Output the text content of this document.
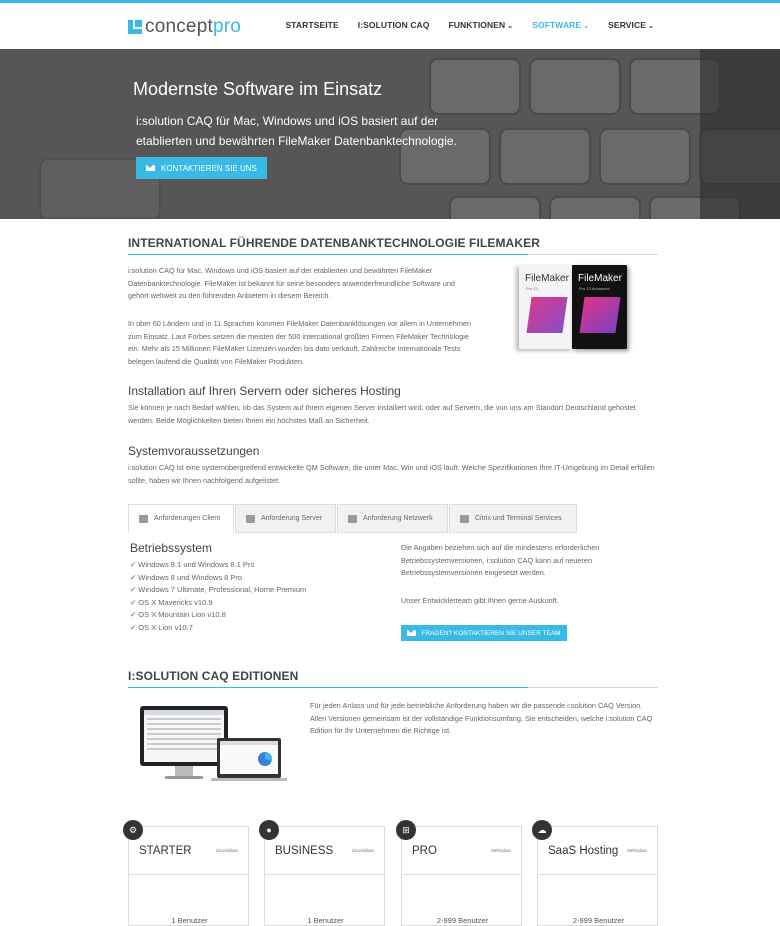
conceptpro	STARTSEITE I:SOLUTION CAQ FUNKTIONEN ⌄ SOFTWARE ⌄ SERVICE ⌄
Modernste Software im Einsatz

i:solution CAQ für Mac, Windows und iOS basiert auf der etablierten und bewährten FileMaker Datenbanktechnologie.

KONTAKTIEREN SIE UNS
INTERNATIONAL FÜHRENDE DATENBANKTECHNOLOGIE FILEMAKER
i:solution CAQ für Mac, Windows und iOS basiert auf der etablierten und bewährten FileMaker Datenbanktechnologie. FileMaker ist bekannt für seine besonders anwenderfreundliche Software und gehört weltweit zu den führenden Anbietern in diesem Bereich.
In über 60 Ländern und in 11 Sprachen kommen FileMaker Datenbanklösungen vor allem in Unternehmen zum Einsatz. Laut Forbes setzen die meisten der 500 international größten Firmen FileMaker Technologie ein. Mehr als 15 Millionen FileMaker Lizenzen wurden bis dato verkauft. Zahlreiche internationale Tests belegen laufend die Qualität von FileMaker Produkten.
FileMaker
Pro 13
FileMaker
Pro 13 Advanced
Installation auf Ihren Servern oder sicheres Hosting
Sie können je nach Bedarf wählen, ob das System auf Ihrem eigenen Server installiert wird, oder auf Servern, die von uns am Standort Deutschland gehostet werden. Beide Möglichkeiten bieten Ihnen ein höchstes Maß an Sicherheit.
Systemvoraussetzungen
i:solution CAQ ist eine systemübergreifend entwickelte QM Software, die unter Mac, Win und iOS läuft. Welche Spezifikationen Ihre IT-Umgebung im Detail erfüllen sollte, haben wir Ihnen nachfolgend aufgelistet.
Anforderungen Client	Anforderung Server	Anforderung Netzwerk	Citrix und Terminal Services
Betriebssystem
✔ Windows 8.1 und Windows 8.1 Pro
✔ Windows 8 und Windows 8 Pro
✔ Windows 7 Ultimate, Professional, Home Premium
✔ OS X Mavericks v10.9
✔ OS X Mountain Lion v10.8
✔ OS X Lion v10.7
Die Angaben beziehen sich auf die mindestens erforderlichen Betriebssystemversionen, i:solution CAQ kann auf neueren Betriebssystemversionen eingesetzt werden.
Unser Entwicklerteam gibt Ihnen gerne Auskunft.
FRAGEN? KONTAKTIEREN SIE UNSER TEAM
I:SOLUTION CAQ EDITIONEN
Für jeden Anlass und für jede betriebliche Anforderung haben wir die passende i:solution CAQ Version. Allen Versionen gemeinsam ist der vollständige Funktionsumfang. Sie entscheiden, welche i:solution CAQ Edition für Ihr Unternehmen die Richtige ist.
STARTER	Einzelplatz
1 Benutzer
⚙
BUSINESS	Einzelplatz
1 Benutzer
●
PRO	Mehrplatz
2-999 Benutzer
⊞
SaaS Hosting Mehrplatz
2-999 Benutzer
☁
